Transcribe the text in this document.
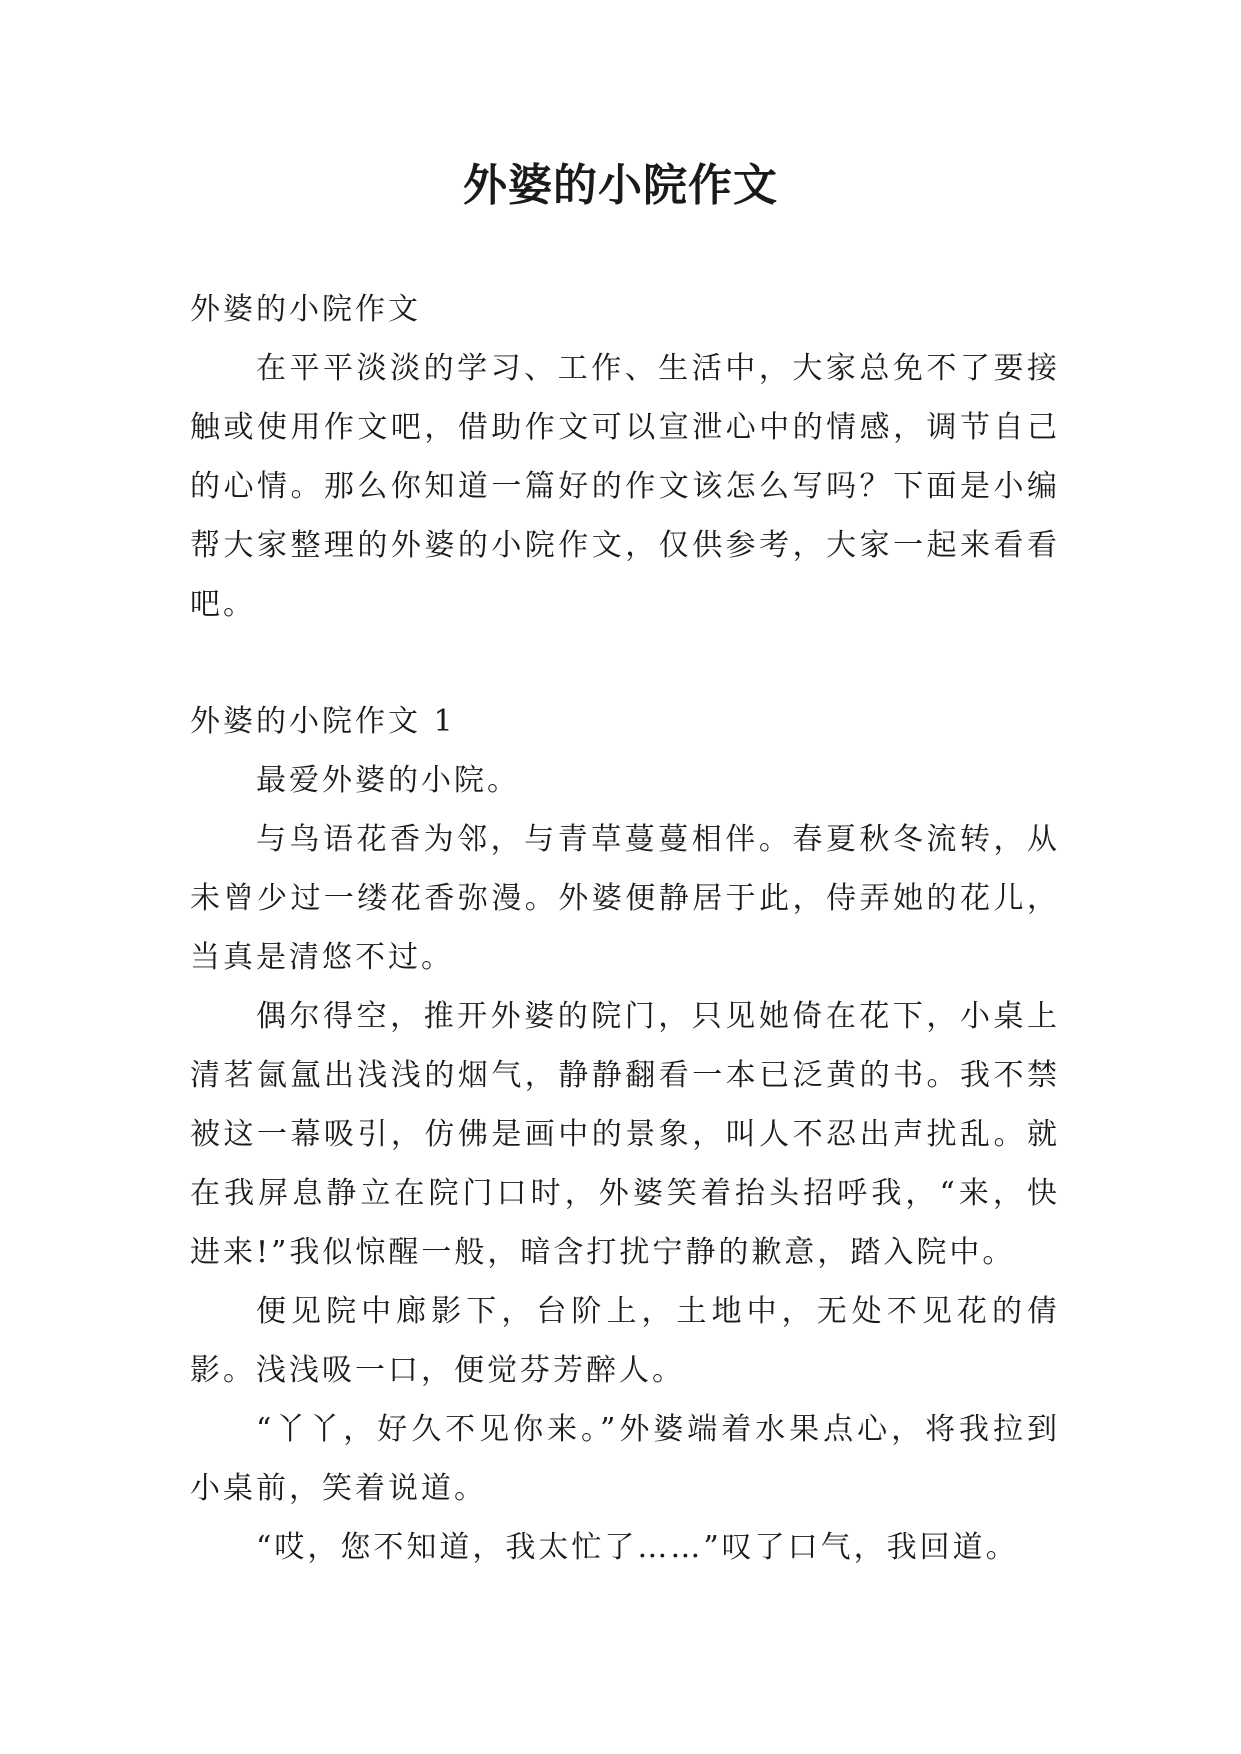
外婆的小院作文

外婆的小院作文

在平平淡淡的学习、工作、生活中，大家总免不了要接触或使用作文吧，借助作文可以宣泄心中的情感，调节自己的心情。那么你知道一篇好的作文该怎么写吗？下面是小编帮大家整理的外婆的小院作文，仅供参考，大家一起来看看吧。

外婆的小院作文 1

最爱外婆的小院。

与鸟语花香为邻，与青草蔓蔓相伴。春夏秋冬流转，从未曾少过一缕花香弥漫。外婆便静居于此，侍弄她的花儿，当真是清悠不过。

偶尔得空，推开外婆的院门，只见她倚在花下，小桌上清茗氤氲出浅浅的烟气，静静翻看一本已泛黄的书。我不禁被这一幕吸引，仿佛是画中的景象，叫人不忍出声扰乱。就在我屏息静立在院门口时，外婆笑着抬头招呼我，“来，快进来!”我似惊醒一般，暗含打扰宁静的歉意，踏入院中。

便见院中廊影下，台阶上，土地中，无处不见花的倩影。浅浅吸一口，便觉芬芳醉人。

“丫丫，好久不见你来。”外婆端着水果点心，将我拉到小桌前，笑着说道。

“哎，您不知道，我太忙了……”叹了口气，我回道。
